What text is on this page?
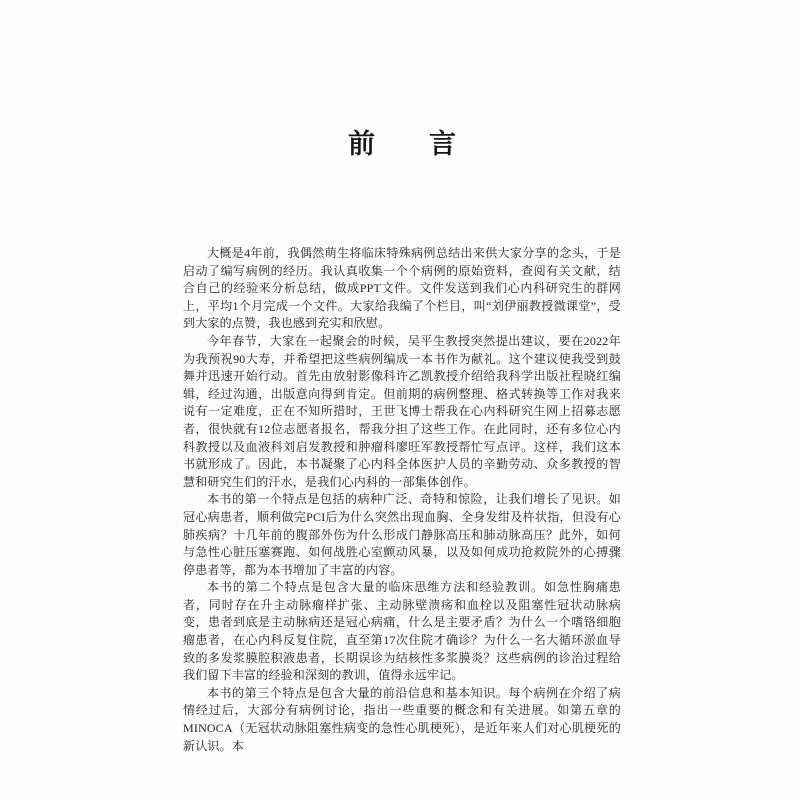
前　　言

大概是4年前，我偶然萌生将临床特殊病例总结出来供大家分享的念头，于是启动了编写病例的经历。我认真收集一个个病例的原始资料，查阅有关文献，结合自己的经验来分析总结，做成PPT文件。文件发送到我们心内科研究生的群网上，平均1个月完成一个文件。大家给我编了个栏目，叫“刘伊丽教授微课堂”，受到大家的点赞，我也感到充实和欣慰。

今年春节，大家在一起聚会的时候，吴平生教授突然提出建议，要在2022年为我预祝90大寿，并希望把这些病例编成一本书作为献礼。这个建议使我受到鼓舞并迅速开始行动。首先由放射影像科许乙凯教授介绍给我科学出版社程晓红编辑，经过沟通，出版意向得到肯定。但前期的病例整理、格式转换等工作对我来说有一定难度，正在不知所措时，王世飞博士帮我在心内科研究生网上招募志愿者，很快就有12位志愿者报名，帮我分担了这些工作。在此同时，还有多位心内科教授以及血液科刘启发教授和肿瘤科廖旺军教授帮忙写点评。这样，我们这本书就形成了。因此，本书凝聚了心内科全体医护人员的辛勤劳动、众多教授的智慧和研究生们的汗水，是我们心内科的一部集体创作。

本书的第一个特点是包括的病种广泛、奇特和惊险，让我们增长了见识。如冠心病患者，顺利做完PCI后为什么突然出现血胸、全身发绀及杵状指，但没有心肺疾病？十几年前的腹部外伤为什么形成门静脉高压和肺动脉高压？此外，如何与急性心脏压塞赛跑、如何战胜心室颤动风暴，以及如何成功抢救院外的心搏骤停患者等，都为本书增加了丰富的内容。

本书的第二个特点是包含大量的临床思维方法和经验教训。如急性胸痛患者，同时存在升主动脉瘤样扩张、主动脉壁溃疡和血栓以及阻塞性冠状动脉病变，患者到底是主动脉病还是冠心病痛，什么是主要矛盾？为什么一个嗜铬细胞瘤患者，在心内科反复住院，直至第17次住院才确诊？为什么一名大循环淤血导致的多发浆膜腔积液患者，长期误诊为结核性多浆膜炎？这些病例的诊治过程给我们留下丰富的经验和深刻的教训，值得永远牢记。

本书的第三个特点是包含大量的前沿信息和基本知识。每个病例在介绍了病情经过后，大部分有病例讨论，指出一些重要的概念和有关进展。如第五章的MINOCA（无冠状动脉阻塞性病变的急性心肌梗死），是近年来人们对心肌梗死的新认识。本
